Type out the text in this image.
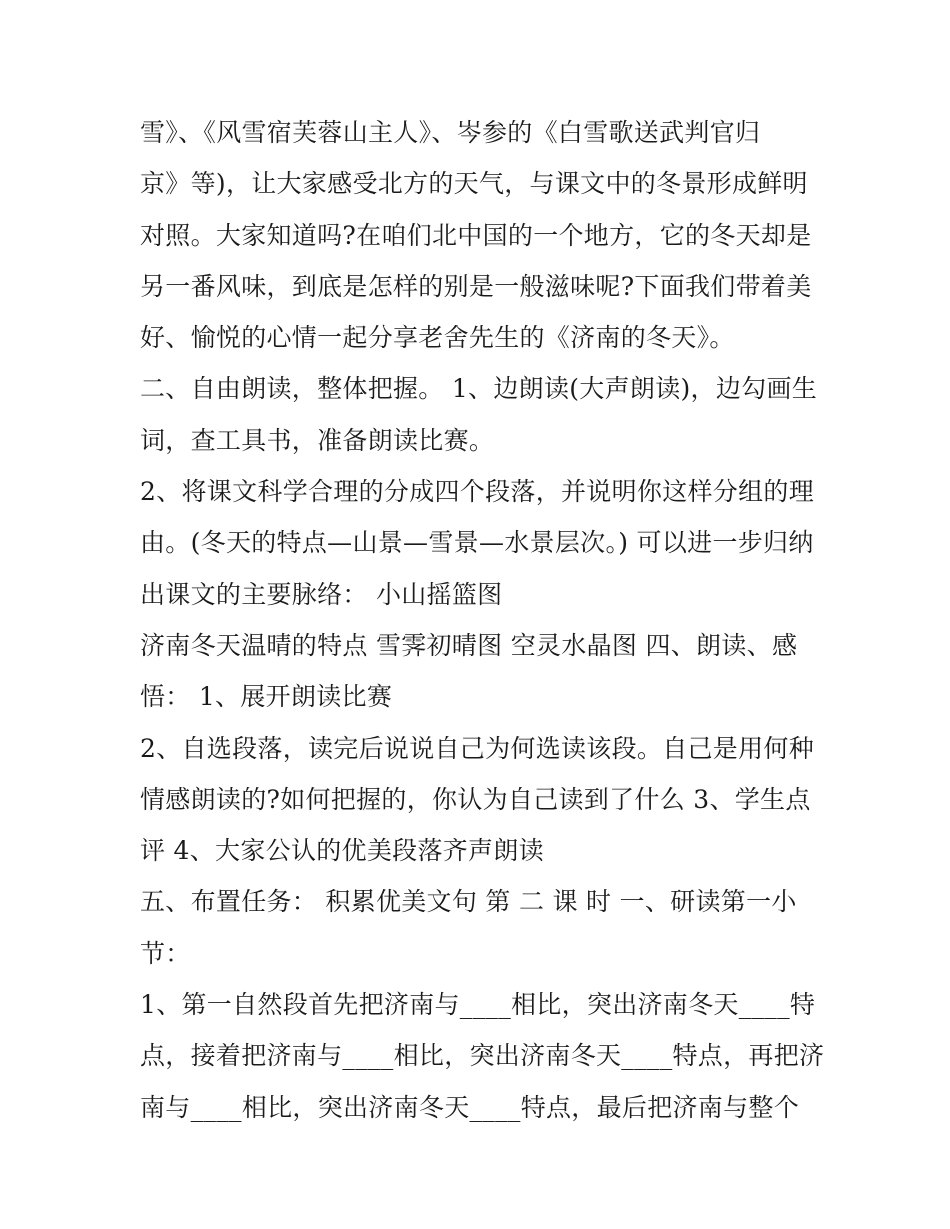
雪》、《风雪宿芙蓉山主人》、岑参的《白雪歌送武判官归
京》等)，让大家感受北方的天气，与课文中的冬景形成鲜明
对照。大家知道吗?在咱们北中国的一个地方，它的冬天却是
另一番风味，到底是怎样的别是一般滋味呢?下面我们带着美
好、愉悦的心情一起分享老舍先生的《济南的冬天》。
二、自由朗读，整体把握。 1、边朗读(大声朗读)，边勾画生
词，查工具书，准备朗读比赛。
2、将课文科学合理的分成四个段落，并说明你这样分组的理
由。(冬天的特点—山景—雪景—水景层次。) 可以进一步归纳
出课文的主要脉络： 小山摇篮图
济南冬天温晴的特点 雪霁初晴图 空灵水晶图 四、朗读、感
悟： 1、展开朗读比赛
2、自选段落，读完后说说自己为何选读该段。自己是用何种
情感朗读的?如何把握的，你认为自己读到了什么 3、学生点
评 4、大家公认的优美段落齐声朗读
五、布置任务： 积累优美文句 第 二 课 时 一、研读第一小
节：
1、第一自然段首先把济南与____相比，突出济南冬天____特
点，接着把济南与____相比，突出济南冬天____特点，再把济
南与____相比，突出济南冬天____特点，最后把济南与整个
